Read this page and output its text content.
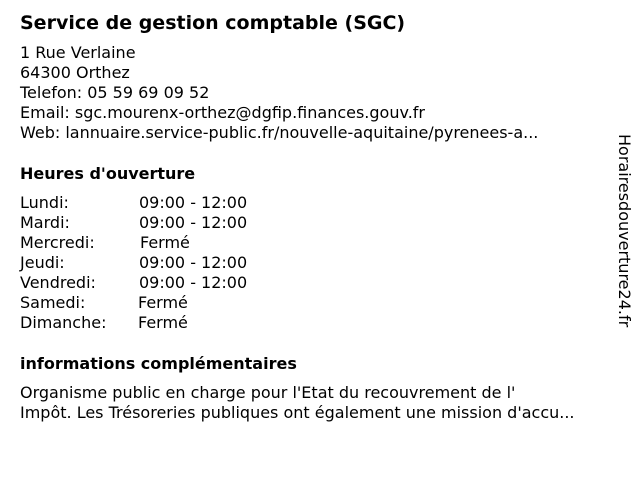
Service de gestion comptable (SGC)
1 Rue Verlaine
64300 Orthez
Telefon: 05 59 69 09 52
Email: sgc.mourenx-orthez@dgfip.finances.gouv.fr
Web: lannuaire.service-public.fr/nouvelle-aquitaine/pyrenees-a...
Heures d'ouverture
Lundi:	09:00 - 12:00
Mardi:	09:00 - 12:00
Mercredi:	Fermé
Jeudi:	09:00 - 12:00
Vendredi:	09:00 - 12:00
Samedi:	Fermé
Dimanche: Fermé
informations complémentaires
Organisme public en charge pour l'Etat du recouvrement de l'
Impôt. Les Trésoreries publiques ont également une mission d'accu...
Horairesdouverture24.fr
